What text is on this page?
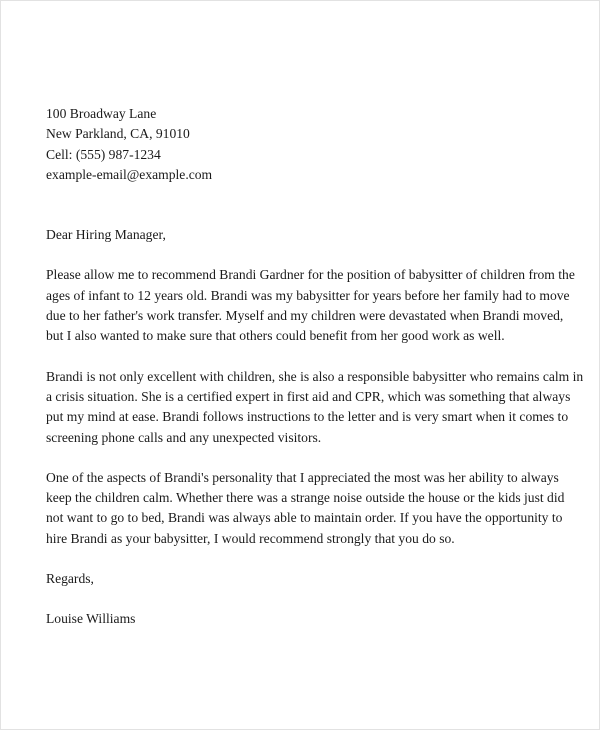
100 Broadway Lane
New Parkland, CA, 91010
Cell: (555) 987-1234
example-email@example.com
Dear Hiring Manager,
Please allow me to recommend Brandi Gardner for the position of babysitter of children from the
ages of infant to 12 years old. Brandi was my babysitter for years before her family had to move
due to her father's work transfer. Myself and my children were devastated when Brandi moved,
but I also wanted to make sure that others could benefit from her good work as well.
Brandi is not only excellent with children, she is also a responsible babysitter who remains calm in
a crisis situation. She is a certified expert in first aid and CPR, which was something that always
put my mind at ease. Brandi follows instructions to the letter and is very smart when it comes to
screening phone calls and any unexpected visitors.
One of the aspects of Brandi's personality that I appreciated the most was her ability to always
keep the children calm. Whether there was a strange noise outside the house or the kids just did
not want to go to bed, Brandi was always able to maintain order. If you have the opportunity to
hire Brandi as your babysitter, I would recommend strongly that you do so.
Regards,
Louise Williams
